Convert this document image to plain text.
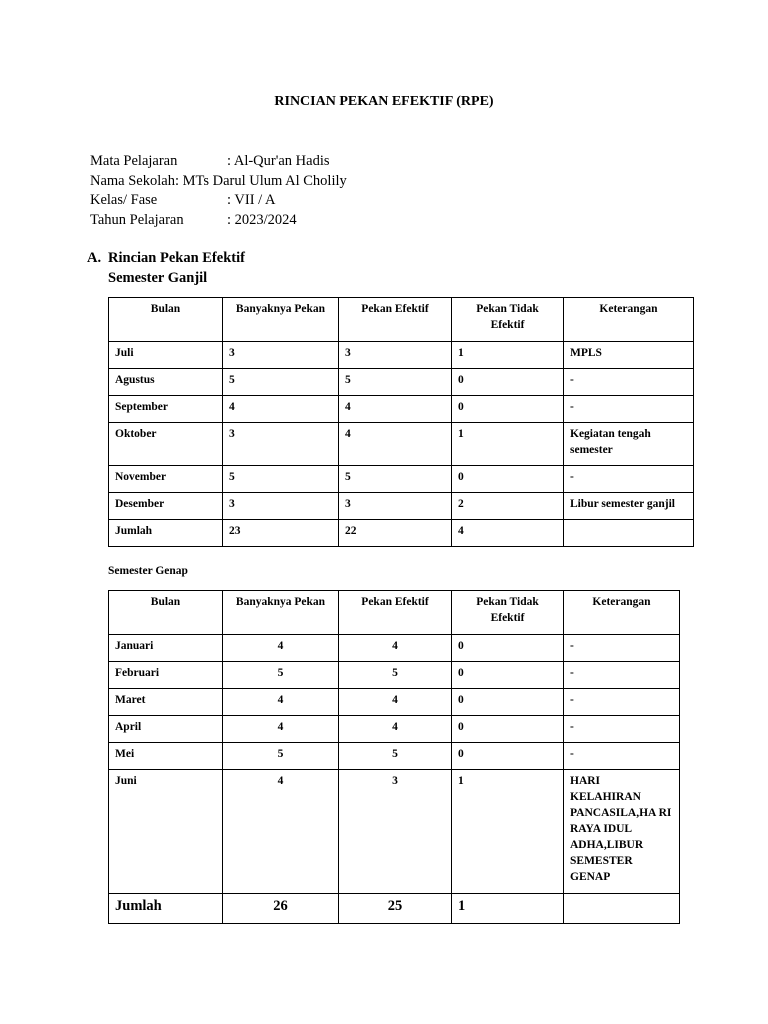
RINCIAN PEKAN EFEKTIF (RPE)
Mata Pelajaran	: Al-Qur'an Hadis
Nama Sekolah : MTs Darul Ulum Al Cholily
Kelas/ Fase	: VII / A
Tahun Pelajaran	: 2023/2024
A. Rincian Pekan Efektif
Semester Ganjil
Bulan	Banyaknya Pekan	Pekan Efektif	Pekan Tidak Efektif	Keterangan
Juli	3	3	1	MPLS
Agustus	5	5	0	-
September	4	4	0	-
Oktober	3	4	1	Kegiatan tengah semester
November	5	5	0	-
Desember	3	3	2	Libur semester ganjil
Jumlah	23	22	4	
Semester Genap
Bulan	Banyaknya Pekan	Pekan Efektif	Pekan Tidak Efektif	Keterangan
Januari	4	4	0	-
Februari	5	5	0	-
Maret	4	4	0	-
April	4	4	0	-
Mei	5	5	0	-
Juni	4	3	1	HARI KELAHIRAN PANCASILA,HA RI RAYA IDUL ADHA,LIBUR SEMESTER GENAP
Jumlah	26	25	1	
